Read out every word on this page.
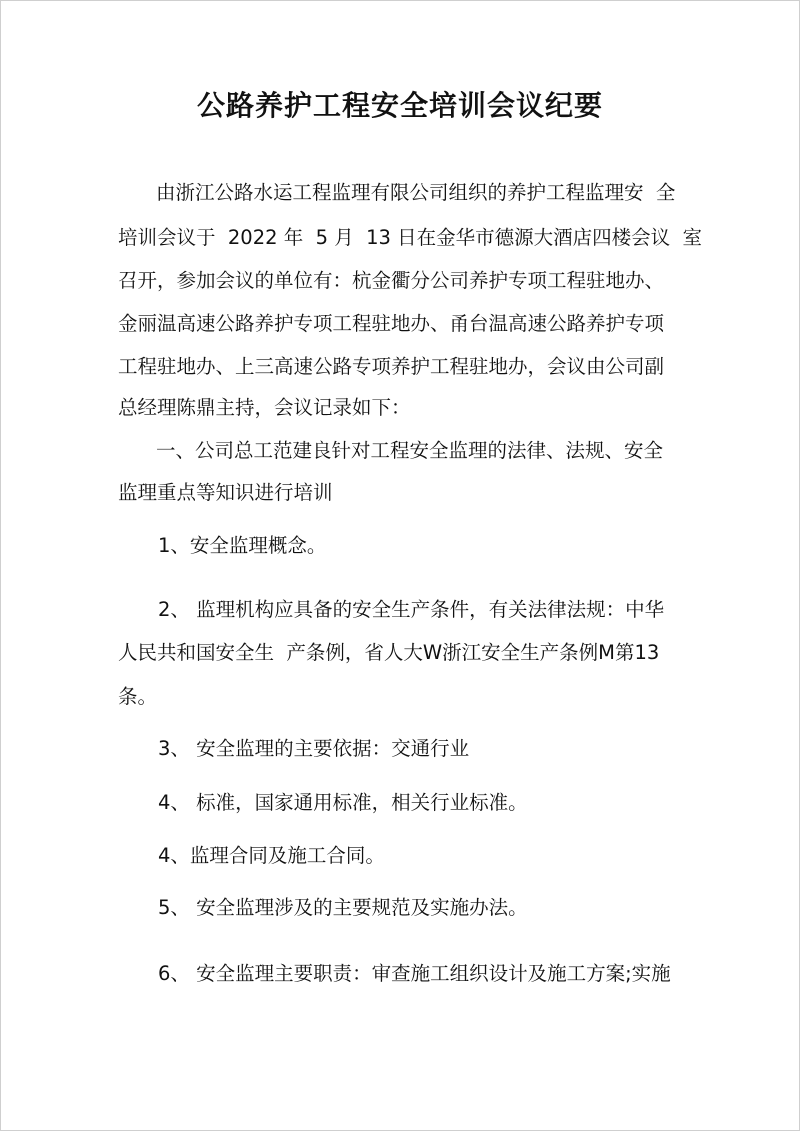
公路养护工程安全培训会议纪要
由浙江公路水运工程监理有限公司组织的养护工程监理安  全
培训会议于  2022 年  5 月  13 日在金华市德源大酒店四楼会议  室
召开，参加会议的单位有：杭金衢分公司养护专项工程驻地办、
金丽温高速公路养护专项工程驻地办、甬台温高速公路养护专项
工程驻地办、上三高速公路专项养护工程驻地办，会议由公司副
总经理陈鼎主持，会议记录如下：
一、公司总工范建良针对工程安全监理的法律、法规、安全
监理重点等知识进行培训
1、安全监理概念。
2、 监理机构应具备的安全生产条件，有关法律法规：中华
人民共和国安全生  产条例，省人大W浙江安全生产条例M第13
条。
3、 安全监理的主要依据：交通行业
4、 标准，国家通用标准，相关行业标准。
4、监理合同及施工合同。
5、 安全监理涉及的主要规范及实施办法。
6、 安全监理主要职责：审查施工组织设计及施工方案;实施
